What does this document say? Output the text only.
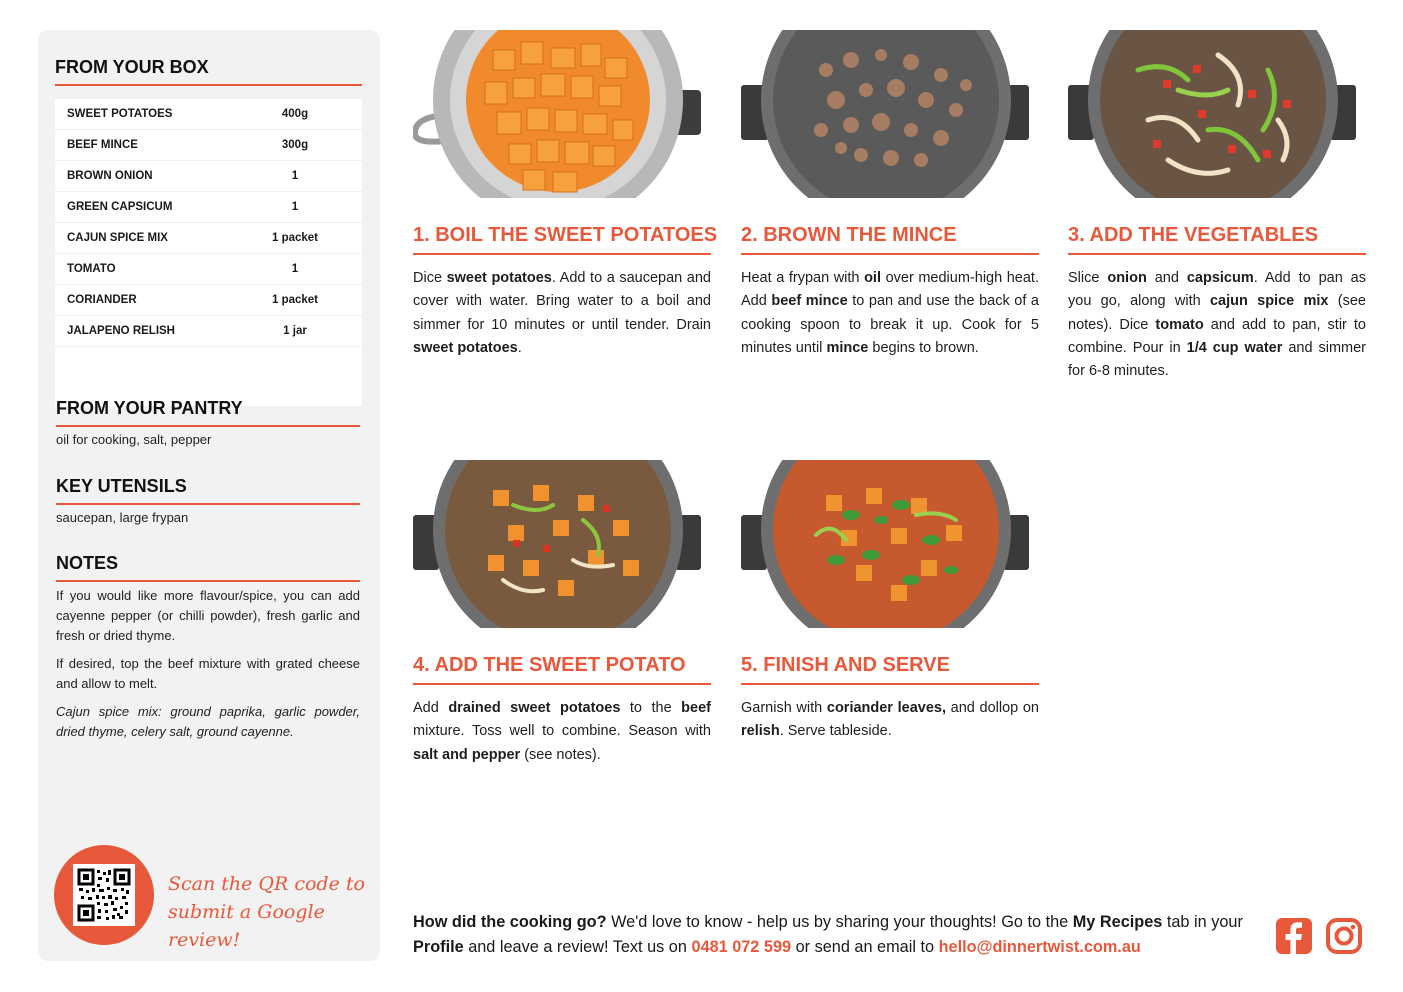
FROM YOUR BOX
SWEET POTATOES	400g
BEEF MINCE	300g
BROWN ONION	1
GREEN CAPSICUM	1
CAJUN SPICE MIX	1 packet
TOMATO	1
CORIANDER	1 packet
JALAPENO RELISH	1 jar
FROM YOUR PANTRY
oil for cooking, salt, pepper
KEY UTENSILS
saucepan, large frypan
NOTES

If you would like more flavour/spice, you can add cayenne pepper (or chilli powder), fresh garlic and fresh or dried thyme.

If desired, top the beef mixture with grated cheese and allow to melt.

Cajun spice mix: ground paprika, garlic powder, dried thyme, celery salt, ground cayenne.

Scan the QR code to
submit a Google review!
1. BOIL THE SWEET POTATOES
Dice sweet potatoes. Add to a saucepan and cover with water. Bring water to a boil and simmer for 10 minutes or until tender. Drain sweet potatoes.
2. BROWN THE MINCE
Heat a frypan with oil over medium-high heat. Add beef mince to pan and use the back of a cooking spoon to break it up. Cook for 5 minutes until mince begins to brown.
3. ADD THE VEGETABLES
Slice onion and capsicum. Add to pan as you go, along with cajun spice mix (see notes). Dice tomato and add to pan, stir to combine. Pour in 1/4 cup water and simmer for 6-8 minutes.
4. ADD THE SWEET POTATO
Add drained sweet potatoes to the beef mixture. Toss well to combine. Season with salt and pepper (see notes).
5. FINISH AND SERVE
Garnish with coriander leaves, and dollop on relish. Serve tableside.
How did the cooking go? We'd love to know - help us by sharing your thoughts! Go to the My Recipes tab in your Profile and leave a review! Text us on 0481 072 599 or send an email to hello@dinnertwist.com.au
